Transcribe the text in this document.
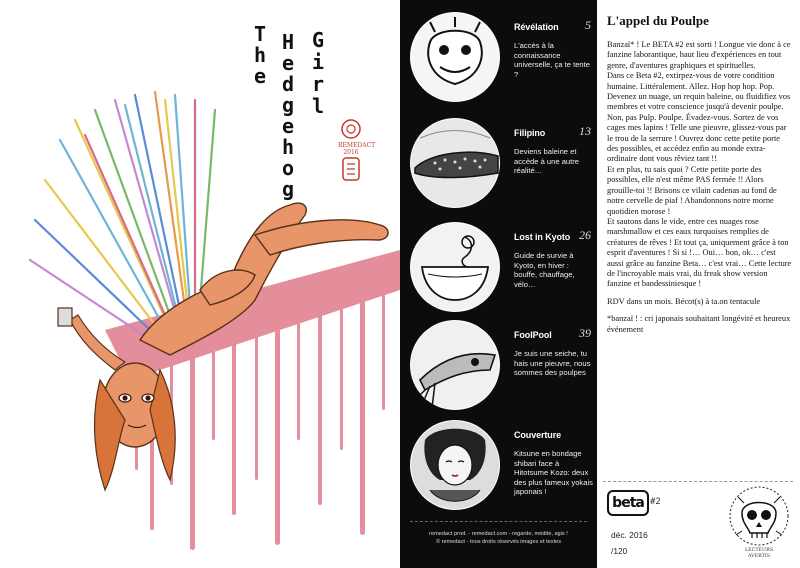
The Hedgehog Girl
REMEDACT 2016
Révélation 5
L'accès à la connaissance universelle, ça te tente ?
Filipino	13
Deviens baleine et accède à une autre réalité…
Lost in Kyoto 26
Guide de survie à Kyoto, en hiver : bouffe, chauffage, vélo…
FoolPool 39
Je suis une seiche, tu hais une pieuvre, nous sommes des poulpes
Couverture
Kitsune en bondage shibari face à Hitotsume Kozo: deux des plus fameux yokais japonais !
remedact prod. - remedact.com - regarde, médite, agis !
© remedact - tous droits réservés images et textes
L'appel du Poulpe

Banzaï* ! Le BETA #2 est sorti ! Longue vie donc à ce fanzine laborantique, haut lieu d'expériences en tout genre, d'aventures graphiques et spirituelles.

Dans ce Beta #2, extirpez-vous de votre condition humaine. Littéralement. Allez. Hop hop hop. Pop. Devenez un nuage, un requin baleine, ou fluidifiez vos membres et votre conscience jusqu'à devenir poulpe. Non, pas Pulp. Poulpe. Évadez-vous. Sortez de vos cages mes lapins ! Telle une pieuvre, glissez-vous par le trou de la serrure ! Ouvrez donc cette petite porte des possibles, et accédez enfin au monde extra-ordinaire dont vous rêviez tant !!

Et en plus, tu sais quoi ? Cette petite porte des possibles, elle n'est même PAS fermée !! Alors grouille-toi !! Brisons ce vilain cadenas au fond de notre cervelle de piaf ! Abandonnons notre morne quotidien morose !

Et sautons dans le vide, entre ces nuages rose marshmallow et ces eaux turquoises remplies de créatures de rêves ! Et tout ça, uniquement grâce à ton esprit d'aventures ! Si si !… Oui… bon, ok… c'est aussi grâce au fanzine Beta… c'est vrai… Cette lecture de l'incroyable mais vrai, du freak show version fanzine et bandessiniesque !

RDV dans un mois. Bécot(s) à ta.on tentacule

*banzaï ! : cri japonais souhaitant longévité et heureux événement

beta #2
déc. 2016
/120	LECTEURS
AVERTIS
